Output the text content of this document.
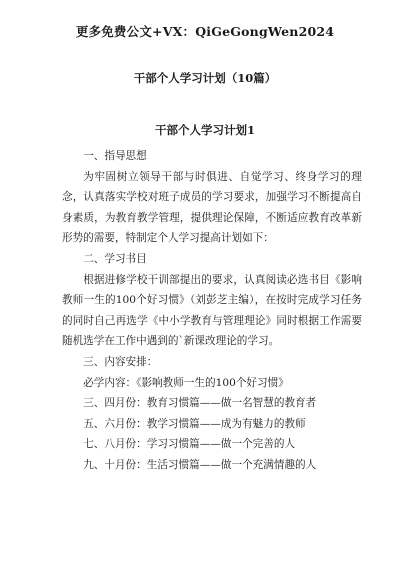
更多免费公文+VX：QiGeGongWen2024
干部个人学习计划（10篇）
干部个人学习计划1

一、指导思想

为牢固树立领导干部与时俱进、自觉学习、终身学习的理念，认真落实学校对班子成员的学习要求，加强学习不断提高自身素质，为教育教学管理，提供理论保障，不断适应教育改革新形势的需要，特制定个人学习提高计划如下：

二、学习书目

根据进修学校干训部提出的要求，认真阅读必选书目《影响教师一生的100个好习惯》（刘彭芝主编），在按时完成学习任务的同时自己再选学《中小学教育与管理理论》同时根据工作需要随机选学在工作中遇到的`新课改理论的学习。

三、内容安排：

必学内容：《影响教师一生的100个好习惯》

三、四月份：教育习惯篇——做一名智慧的教育者

五、六月份：教学习惯篇——成为有魅力的教师

七、八月份：学习习惯篇——做一个完善的人

九、十月份：生活习惯篇——做一个充满情趣的人
